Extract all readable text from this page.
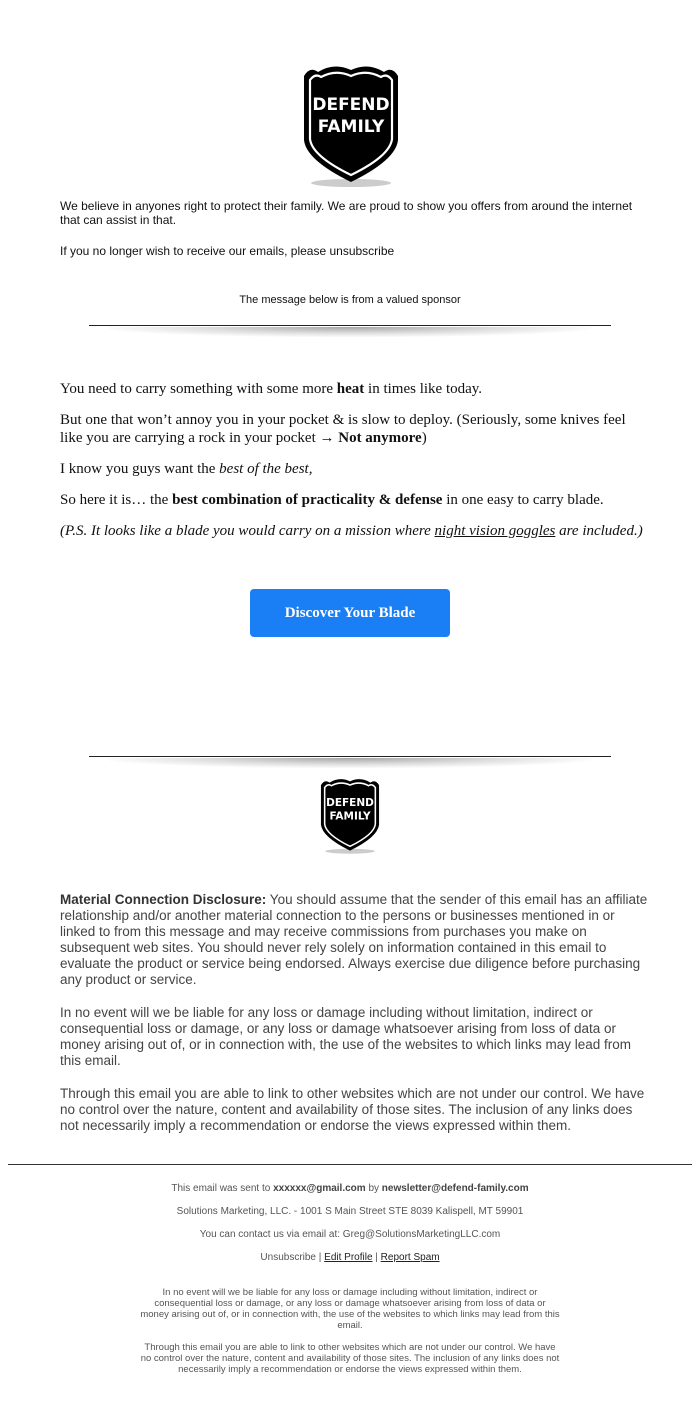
DEFEND
FAMILY

We believe in anyones right to protect their family. We are proud to show you offers from around the internet that can assist in that.

If you no longer wish to receive our emails, please unsubscribe

The message below is from a valued sponsor

You need to carry something with some more heat in times like today.

But one that won’t annoy you in your pocket & is slow to deploy. (Seriously, some knives feel like you are carrying a rock in your pocket → Not anymore)

I know you guys want the best of the best,

So here it is… the best combination of practicality & defense in one easy to carry blade.

(P.S. It looks like a blade you would carry on a mission where night vision goggles are included.)

Discover Your Blade
DEFEND
FAMILY

Material Connection Disclosure: You should assume that the sender of this email has an affiliate relationship and/or another material connection to the persons or businesses mentioned in or linked to from this message and may receive commissions from purchases you make on subsequent web sites. You should never rely solely on information contained in this email to evaluate the product or service being endorsed. Always exercise due diligence before purchasing any product or service.

In no event will we be liable for any loss or damage including without limitation, indirect or consequential loss or damage, or any loss or damage whatsoever arising from loss of data or money arising out of, or in connection with, the use of the websites to which links may lead from this email.

Through this email you are able to link to other websites which are not under our control. We have no control over the nature, content and availability of those sites. The inclusion of any links does not necessarily imply a recommendation or endorse the views expressed within them.

This email was sent to xxxxxx@gmail.com by newsletter@defend-family.com
Solutions Marketing, LLC. - 1001 S Main Street STE 8039 Kalispell, MT 59901
You can contact us via email at: Greg@SolutionsMarketingLLC.com
Unsubscribe | Edit Profile | Report Spam

In no event will we be liable for any loss or damage including without limitation, indirect or consequential loss or damage, or any loss or damage whatsoever arising from loss of data or money arising out of, or in connection with, the use of the websites to which links may lead from this email.

Through this email you are able to link to other websites which are not under our control. We have no control over the nature, content and availability of those sites. The inclusion of any links does not necessarily imply a recommendation or endorse the views expressed within them.
